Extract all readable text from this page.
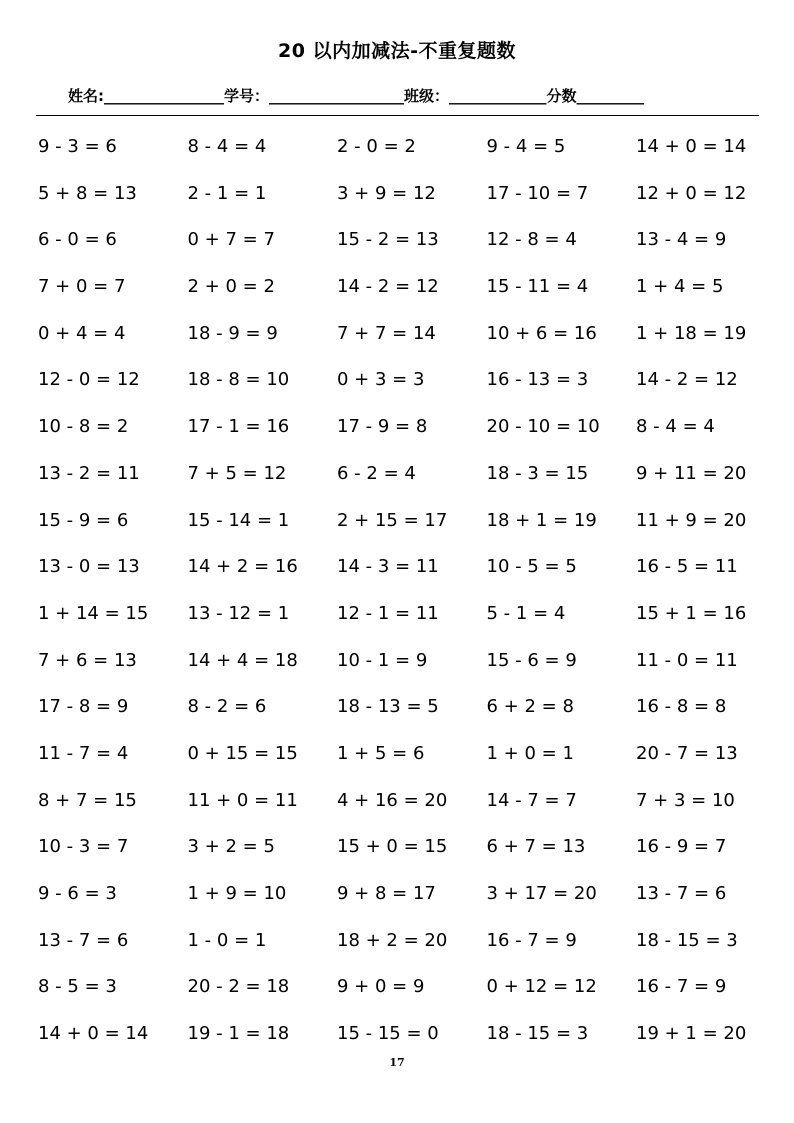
20 以内加减法-不重复题数
姓名:________________学号：__________________班级：_____________分数_________
9 - 3 = 6	8 - 4 = 4	2 - 0 = 2	9 - 4 = 5	14 + 0 = 14
5 + 8 = 13	2 - 1 = 1	3 + 9 = 12	17 - 10 = 7	12 + 0 = 12
6 - 0 = 6	0 + 7 = 7	15 - 2 = 13	12 - 8 = 4	13 - 4 = 9
7 + 0 = 7	2 + 0 = 2	14 - 2 = 12	15 - 11 = 4	1 + 4 = 5
0 + 4 = 4	18 - 9 = 9	7 + 7 = 14	10 + 6 = 16	1 + 18 = 19
12 - 0 = 12	18 - 8 = 10	0 + 3 = 3	16 - 13 = 3	14 - 2 = 12
10 - 8 = 2	17 - 1 = 16	17 - 9 = 8	20 - 10 = 10	8 - 4 = 4
13 - 2 = 11	7 + 5 = 12	6 - 2 = 4	18 - 3 = 15	9 + 11 = 20
15 - 9 = 6	15 - 14 = 1	2 + 15 = 17	18 + 1 = 19	11 + 9 = 20
13 - 0 = 13	14 + 2 = 16	14 - 3 = 11	10 - 5 = 5	16 - 5 = 11
1 + 14 = 15	13 - 12 = 1	12 - 1 = 11	5 - 1 = 4	15 + 1 = 16
7 + 6 = 13	14 + 4 = 18	10 - 1 = 9	15 - 6 = 9	11 - 0 = 11
17 - 8 = 9	8 - 2 = 6	18 - 13 = 5	6 + 2 = 8	16 - 8 = 8
11 - 7 = 4	0 + 15 = 15	1 + 5 = 6	1 + 0 = 1	20 - 7 = 13
8 + 7 = 15	11 + 0 = 11	4 + 16 = 20	14 - 7 = 7	7 + 3 = 10
10 - 3 = 7	3 + 2 = 5	15 + 0 = 15	6 + 7 = 13	16 - 9 = 7
9 - 6 = 3	1 + 9 = 10	9 + 8 = 17	3 + 17 = 20	13 - 7 = 6
13 - 7 = 6	1 - 0 = 1	18 + 2 = 20	16 - 7 = 9	18 - 15 = 3
8 - 5 = 3	20 - 2 = 18	9 + 0 = 9	0 + 12 = 12	16 - 7 = 9
14 + 0 = 14	19 - 1 = 18	15 - 15 = 0	18 - 15 = 3	19 + 1 = 20
17
